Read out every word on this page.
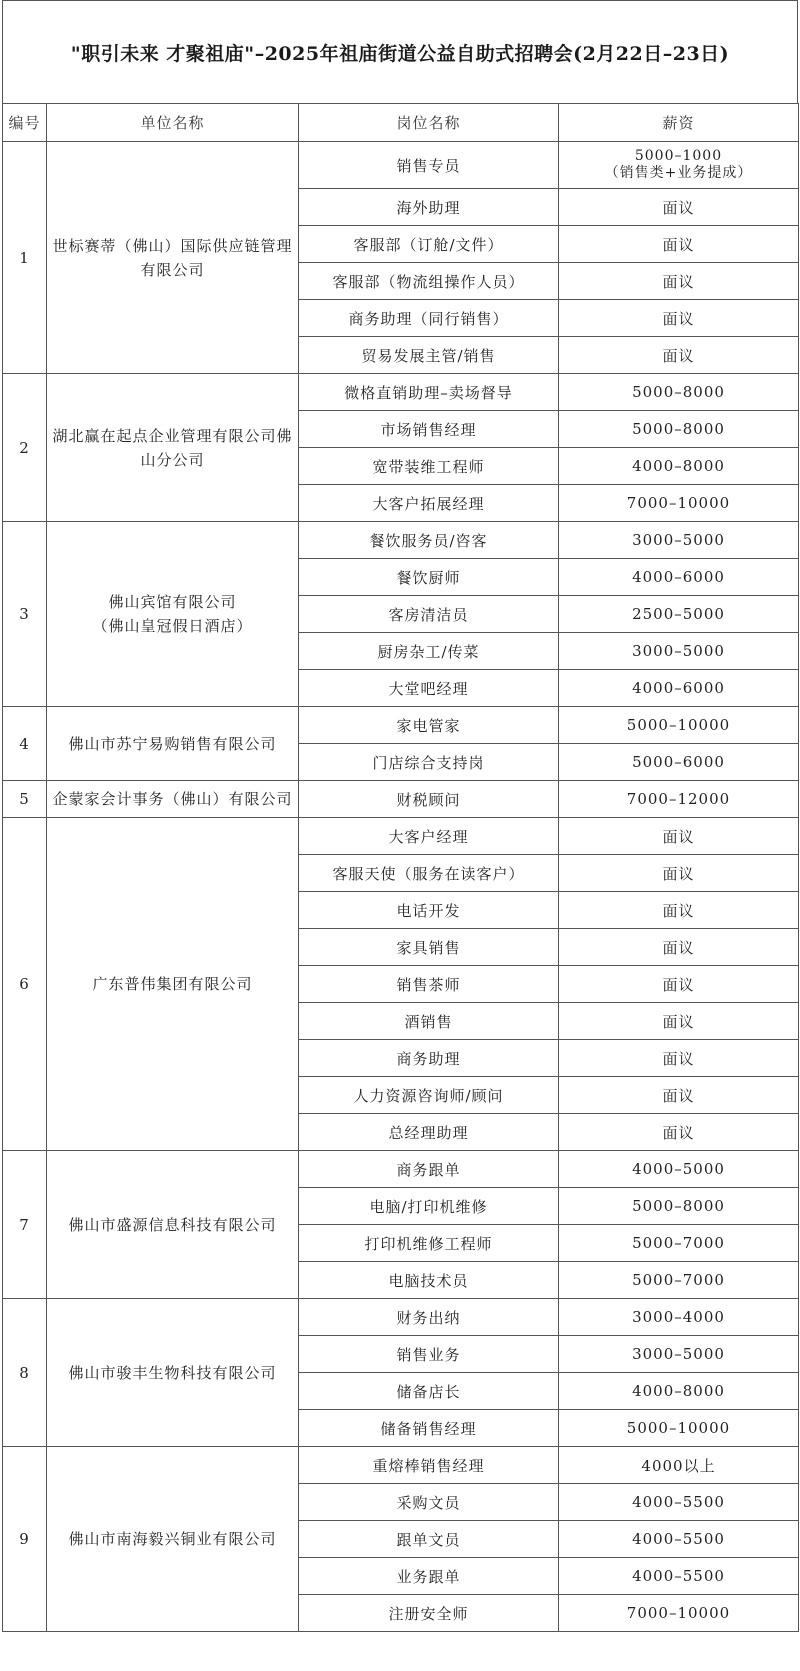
"职引未来 才聚祖庙"–2025年祖庙街道公益自助式招聘会(2月22日–23日)
编号	单位名称	岗位名称	薪资
1	世标赛蒂（佛山）国际供应链管理有限公司	销售专员	5000–1000
（销售类+业务提成）

		海外助理	面议
		客服部（订舱/文件）	面议
		客服部（物流组操作人员）	面议
		商务助理（同行销售）	面议
		贸易发展主管/销售	面议
2	湖北赢在起点企业管理有限公司佛山分公司	微格直销助理–卖场督导	5000–8000
		市场销售经理	5000–8000
		宽带装维工程师	4000–8000
		大客户拓展经理	7000–10000
3	佛山宾馆有限公司
（佛山皇冠假日酒店）	餐饮服务员/咨客	3000–5000
		餐饮厨师	4000–6000
		客房清洁员	2500–5000
		厨房杂工/传菜	3000–5000
		大堂吧经理	4000–6000
4	佛山市苏宁易购销售有限公司	家电管家	5000–10000
		门店综合支持岗	5000–6000
5	企蒙家会计事务（佛山）有限公司	财税顾问	7000–12000
6	广东普伟集团有限公司	大客户经理	面议
		客服天使（服务在读客户）	面议
		电话开发	面议
		家具销售	面议
		销售茶师	面议
		酒销售	面议
		商务助理	面议
		人力资源咨询师/顾问	面议
		总经理助理	面议
7	佛山市盛源信息科技有限公司	商务跟单	4000–5000
		电脑/打印机维修	5000–8000
		打印机维修工程师	5000–7000
		电脑技术员	5000–7000
8	佛山市骏丰生物科技有限公司	财务出纳	3000–4000
		销售业务	3000–5000
		储备店长	4000–8000
		储备销售经理	5000–10000
9	佛山市南海毅兴铜业有限公司	重熔棒销售经理	4000以上
		采购文员	4000–5500
		跟单文员	4000–5500
		业务跟单	4000–5500
		注册安全师	7000–10000
